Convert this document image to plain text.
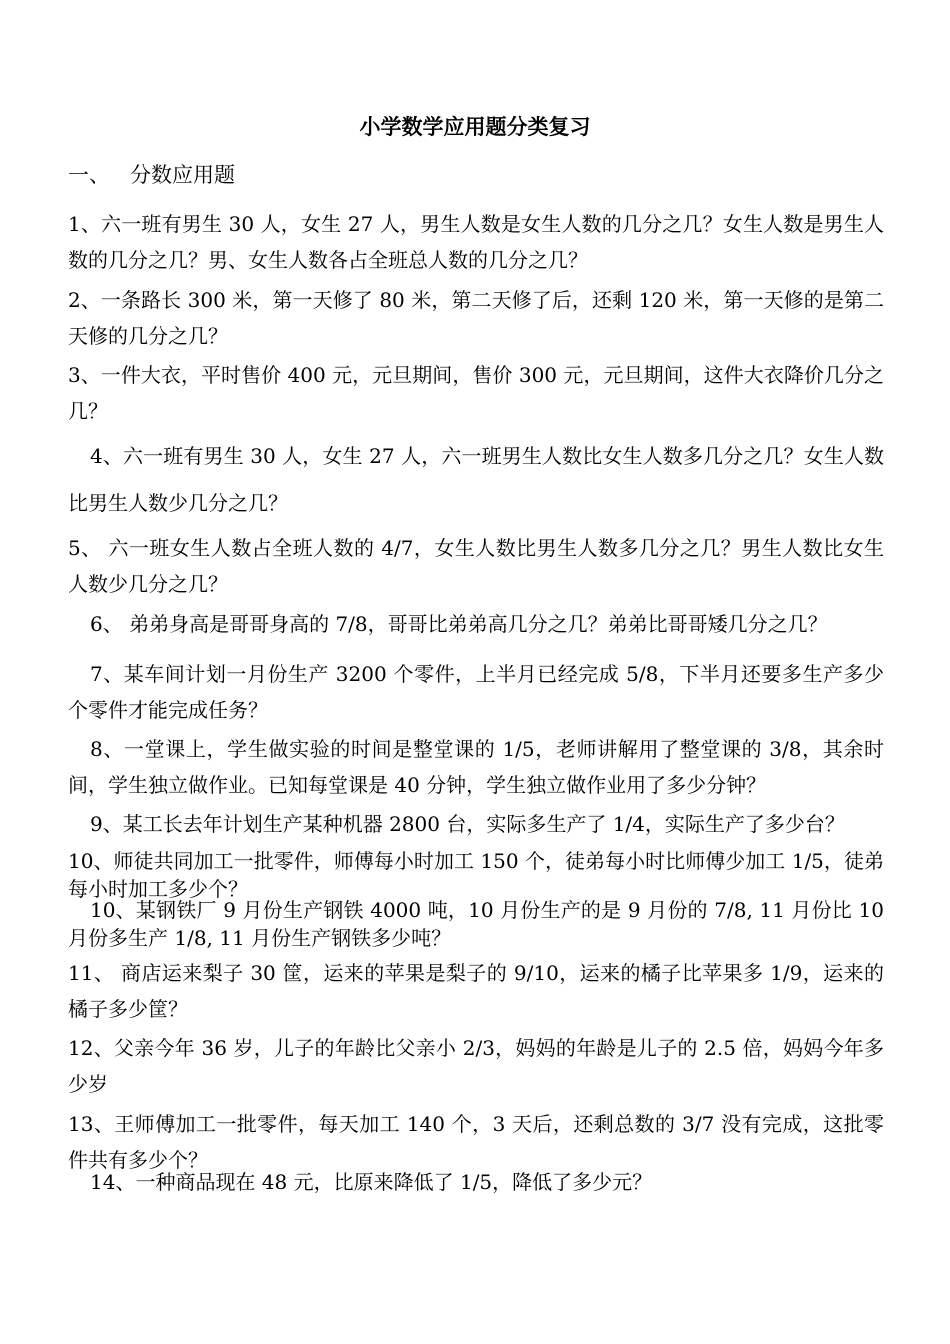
小学数学应用题分类复习
一、   分数应用题
1、六一班有男生 30 人，女生 27 人，男生人数是女生人数的几分之几？女生人数是男生人数的几分之几？男、女生人数各占全班总人数的几分之几？
2、一条路长 300 米，第一天修了 80 米，第二天修了后，还剩 120 米，第一天修的是第二天修的几分之几？
3、一件大衣，平时售价 400 元，元旦期间，售价 300 元，元旦期间，这件大衣降价几分之几？
4、六一班有男生 30 人，女生 27 人，六一班男生人数比女生人数多几分之几？女生人数比男生人数少几分之几？
5、 六一班女生人数占全班人数的 4/7，女生人数比男生人数多几分之几？男生人数比女生人数少几分之几？
6、 弟弟身高是哥哥身高的 7/8，哥哥比弟弟高几分之几？弟弟比哥哥矮几分之几？
7、某车间计划一月份生产 3200 个零件，上半月已经完成 5/8，下半月还要多生产多少个零件才能完成任务？
8、一堂课上，学生做实验的时间是整堂课的 1/5，老师讲解用了整堂课的 3/8，其余时间，学生独立做作业。已知每堂课是 40 分钟，学生独立做作业用了多少分钟？
9、某工长去年计划生产某种机器 2800 台，实际多生产了 1/4，实际生产了多少台？
10、师徒共同加工一批零件，师傅每小时加工 150 个，徒弟每小时比师傅少加工 1/5，徒弟每小时加工多少个？
10、某钢铁厂 9 月份生产钢铁 4000 吨，10 月份生产的是 9 月份的 7/8, 11 月份比 10 月份多生产 1/8, 11 月份生产钢铁多少吨？
11、 商店运来梨子 30 筐，运来的苹果是梨子的 9/10，运来的橘子比苹果多 1/9，运来的橘子多少筐？
12、父亲今年 36 岁，儿子的年龄比父亲小 2/3，妈妈的年龄是儿子的 2.5 倍，妈妈今年多少岁
13、王师傅加工一批零件，每天加工 140 个，3 天后，还剩总数的 3/7 没有完成，这批零件共有多少个？
14、一种商品现在 48 元，比原来降低了 1/5，降低了多少元？
